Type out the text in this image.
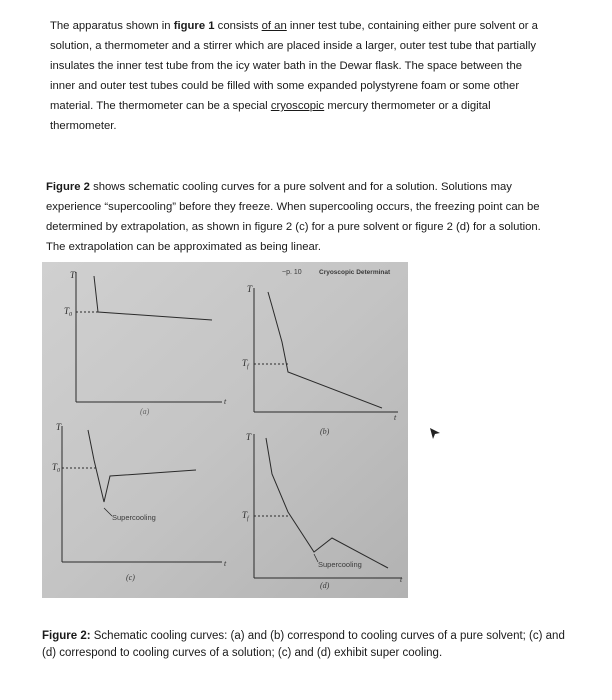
The apparatus shown in figure 1 consists of an inner test tube, containing either pure solvent or a solution, a thermometer and a stirrer which are placed inside a larger, outer test tube that partially insulates the inner test tube from the icy water bath in the Dewar flask. The space between the inner and outer test tubes could be filled with some expanded polystyrene foam or some other material. The thermometer can be a special cryoscopic mercury thermometer or a digital thermometer.

Figure 2 shows schematic cooling curves for a pure solvent and for a solution. Solutions may experience “supercooling” before they freeze. When supercooling occurs, the freezing point can be determined by extrapolation, as shown in figure 2 (c) for a pure solvent or figure 2 (d) for a solution. The extrapolation can be approximated as being linear.

~p. 10	Cryoscopic Determinat
T
T
T
T
t
t
t
t
$T_0$
$T_f$
$T_0$
$T_f$
(a)
(b)
(c)
(d)
Supercooling
Supercooling

Figure 2: Schematic cooling curves: (a) and (b) correspond to cooling curves of a pure solvent; (c) and (d) correspond to cooling curves of a solution; (c) and (d) exhibit super cooling.
